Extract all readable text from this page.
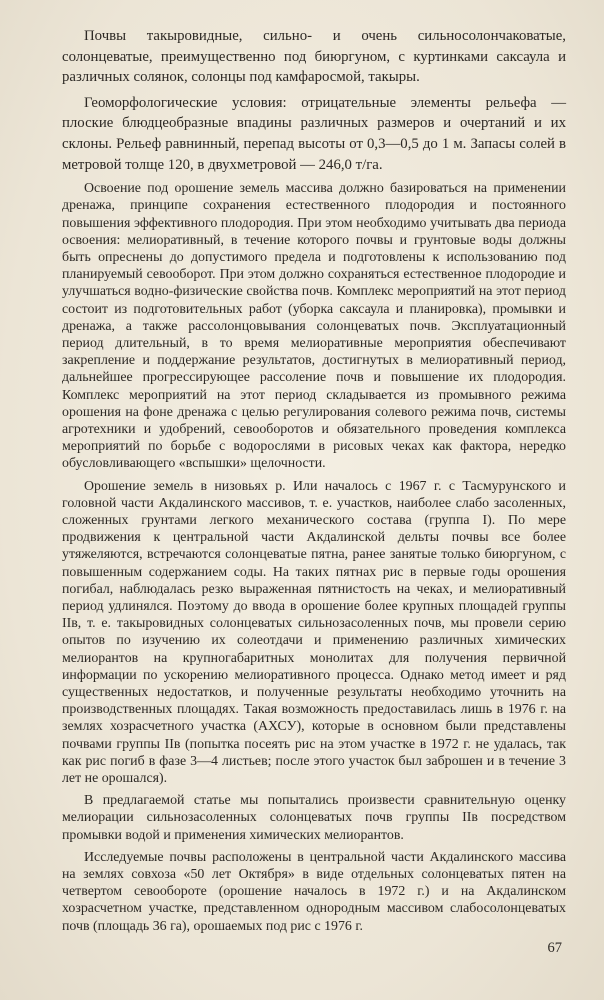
Почвы такыровидные, сильно- и очень сильносолончаковатые, солонцеватые, преимущественно под биюргуном, с куртинками саксаула и различных солянок, солонцы под камфаросмой, такыры.

Геоморфологические условия: отрицательные элементы рельефа — плоские блюдцеобразные впадины различных размеров и очертаний и их склоны. Рельеф равнинный, перепад высоты от 0,3—0,5 до 1 м. Запасы солей в метровой толще 120, в двухметровой — 246,0 т/га.

Освоение под орошение земель массива должно базироваться на применении дренажа, принципе сохранения естественного плодородия и постоянного повышения эффективного плодородия. При этом необходимо учитывать два периода освоения: мелиоративный, в течение которого почвы и грунтовые воды должны быть опреснены до допустимого предела и подготовлены к использованию под планируемый севооборот. При этом должно сохраняться естественное плодородие и улучшаться водно-физические свойства почв. Комплекс мероприятий на этот период состоит из подготовительных работ (уборка саксаула и планировка), промывки и дренажа, а также рассолонцовывания солонцеватых почв. Эксплуатационный период длительный, в то время мелиоративные мероприятия обеспечивают закрепление и поддержание результатов, достигнутых в мелиоративный период, дальнейшее прогрессирующее рассоление почв и повышение их плодородия. Комплекс мероприятий на этот период складывается из промывного режима орошения на фоне дренажа с целью регулирования солевого режима почв, системы агротехники и удобрений, севооборотов и обязательного проведения комплекса мероприятий по борьбе с водорослями в рисовых чеках как фактора, нередко обусловливающего «вспышки» щелочности.

Орошение земель в низовьях р. Или началось с 1967 г. с Тасмурунского и головной части Акдалинского массивов, т. е. участков, наиболее слабо засоленных, сложенных грунтами легкого механического состава (группа I). По мере продвижения к центральной части Акдалинской дельты почвы все более утяжеляются, встречаются солонцеватые пятна, ранее занятые только биюргуном, с повышенным содержанием соды. На таких пятнах рис в первые годы орошения погибал, наблюдалась резко выраженная пятнистость на чеках, и мелиоративный период удлинялся. Поэтому до ввода в орошение более крупных площадей группы IIв, т. е. такыровидных солонцеватых сильнозасоленных почв, мы провели серию опытов по изучению их солеотдачи и применению различных химических мелиорантов на крупногабаритных монолитах для получения первичной информации по ускорению мелиоративного процесса. Однако метод имеет и ряд существенных недостатков, и полученные результаты необходимо уточнить на производственных площадях. Такая возможность предоставилась лишь в 1976 г. на землях хозрасчетного участка (АХСУ), которые в основном были представлены почвами группы IIв (попытка посеять рис на этом участке в 1972 г. не удалась, так как рис погиб в фазе 3—4 листьев; после этого участок был заброшен и в течение 3 лет не орошался).

В предлагаемой статье мы попытались произвести сравнительную оценку мелиорации сильнозасоленных солонцеватых почв группы IIв посредством промывки водой и применения химических мелиорантов.

Исследуемые почвы расположены в центральной части Акдалинского массива на землях совхоза «50 лет Октября» в виде отдельных солонцеватых пятен на четвертом севообороте (орошение началось в 1972 г.) и на Акдалинском хозрасчетном участке, представленном однородным массивом слабосолонцеватых почв (площадь 36 га), орошаемых под рис с 1976 г.

67
